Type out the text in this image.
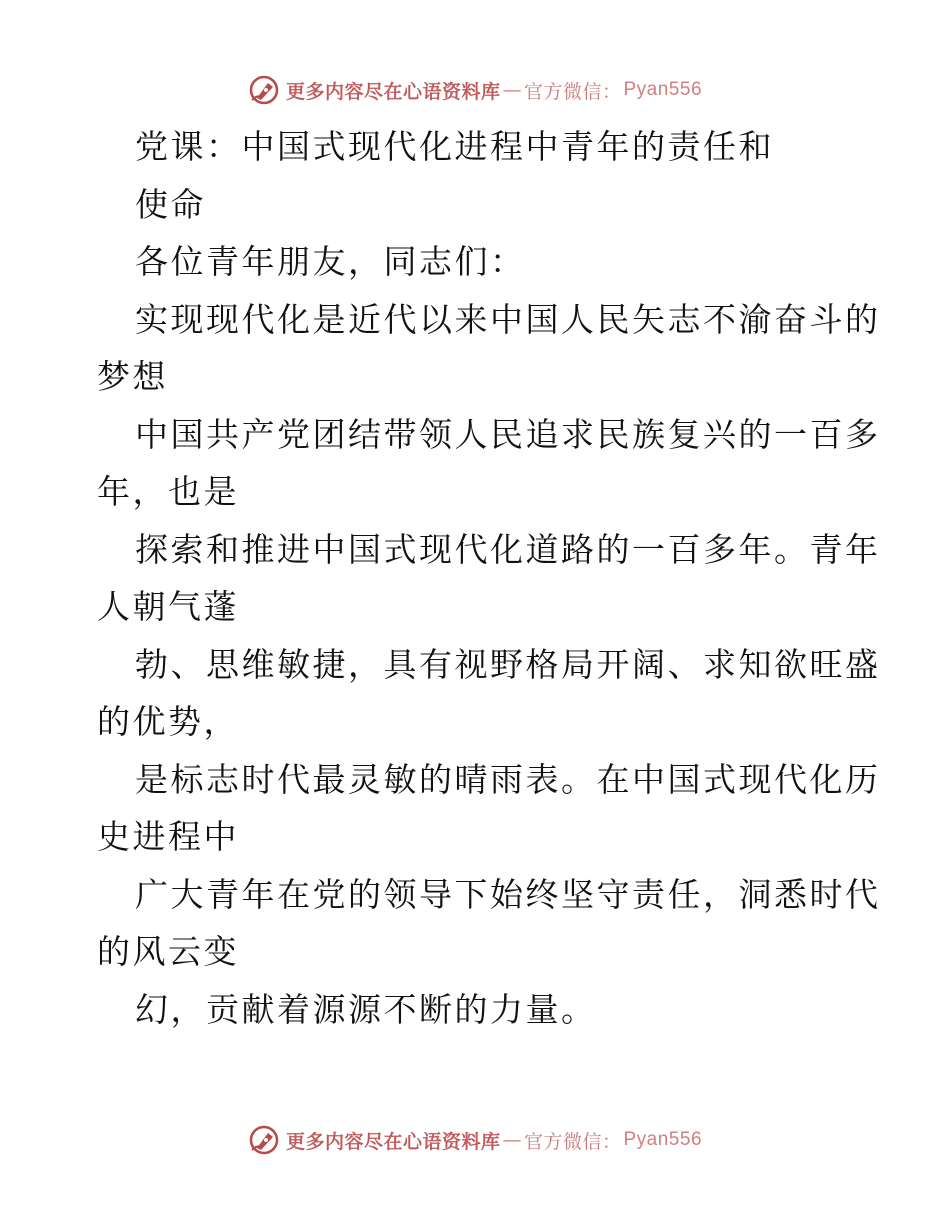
更多内容尽在心语资料库 — 官方微信： Pyan556
党课：中国式现代化进程中青年的责任和
使命
各位青年朋友，同志们：
实现现代化是近代以来中国人民矢志不渝奋斗的
梦想
中国共产党团结带领人民追求民族复兴的一百多
年，也是
探索和推进中国式现代化道路的一百多年。青年
人朝气蓬
勃、思维敏捷，具有视野格局开阔、求知欲旺盛
的优势，
是标志时代最灵敏的晴雨表。在中国式现代化历
史进程中
广大青年在党的领导下始终坚守责任，洞悉时代
的风云变
幻，贡献着源源不断的力量。
更多内容尽在心语资料库 — 官方微信： Pyan556
